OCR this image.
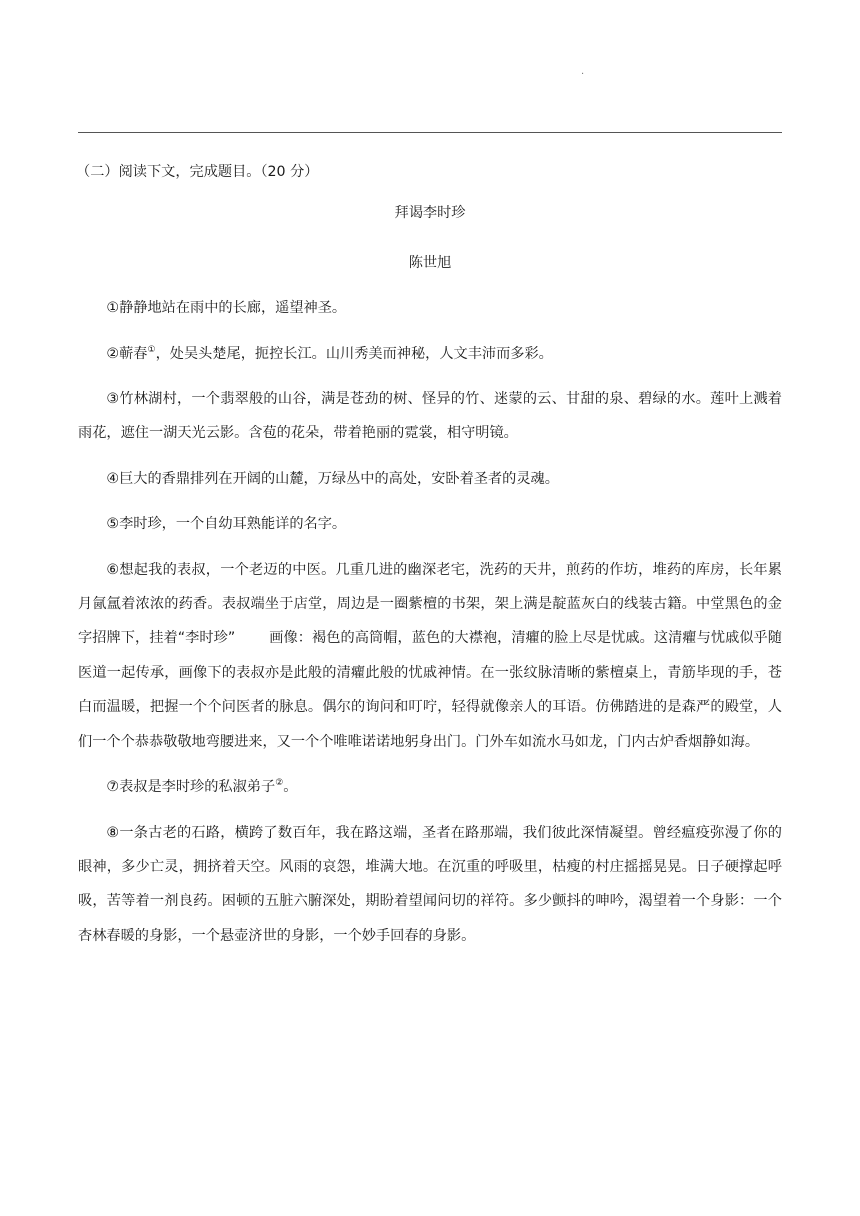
.

（二）阅读下文，完成题目。（20 分）

拜谒李时珍

陈世旭

①静静地站在雨中的长廊，遥望神圣。

②蕲春①，处吴头楚尾，扼控长江。山川秀美而神秘，人文丰沛而多彩。

③竹林湖村，一个翡翠般的山谷，满是苍劲的树、怪异的竹、迷蒙的云、甘甜的泉、碧绿的水。莲叶上溅着雨花，遮住一湖天光云影。含苞的花朵，带着艳丽的霓裳，相守明镜。

④巨大的香鼎排列在开阔的山麓，万绿丛中的高处，安卧着圣者的灵魂。

⑤李时珍，一个自幼耳熟能详的名字。

⑥想起我的表叔，一个老迈的中医。几重几进的幽深老宅，洗药的天井，煎药的作坊，堆药的库房，长年累月氤氲着浓浓的药香。表叔端坐于店堂，周边是一圈紫檀的书架，架上满是靛蓝灰白的线装古籍。中堂黑色的金字招牌下，挂着“李时珍” 画像：褐色的高筒帽，蓝色的大襟袍，清癯的脸上尽是忧戚。这清癯与忧戚似乎随医道一起传承，画像下的表叔亦是此般的清癯此般的忧戚神情。在一张纹脉清晰的紫檀桌上，青筋毕现的手，苍白而温暖，把握一个个问医者的脉息。偶尔的询问和叮咛，轻得就像亲人的耳语。仿佛踏进的是森严的殿堂，人们一个个恭恭敬敬地弯腰进来，又一个个唯唯诺诺地躬身出门。门外车如流水马如龙，门内古炉香烟静如海。

⑦表叔是李时珍的私淑弟子②。

⑧一条古老的石路，横跨了数百年，我在路这端，圣者在路那端，我们彼此深情凝望。曾经瘟疫弥漫了你的眼神，多少亡灵，拥挤着天空。风雨的哀怨，堆满大地。在沉重的呼吸里，枯瘦的村庄摇摇晃晃。日子硬撑起呼吸，苦等着一剂良药。困顿的五脏六腑深处，期盼着望闻问切的祥符。多少颤抖的呻吟，渴望着一个身影：一个杏林春暖的身影，一个悬壶济世的身影，一个妙手回春的身影。
